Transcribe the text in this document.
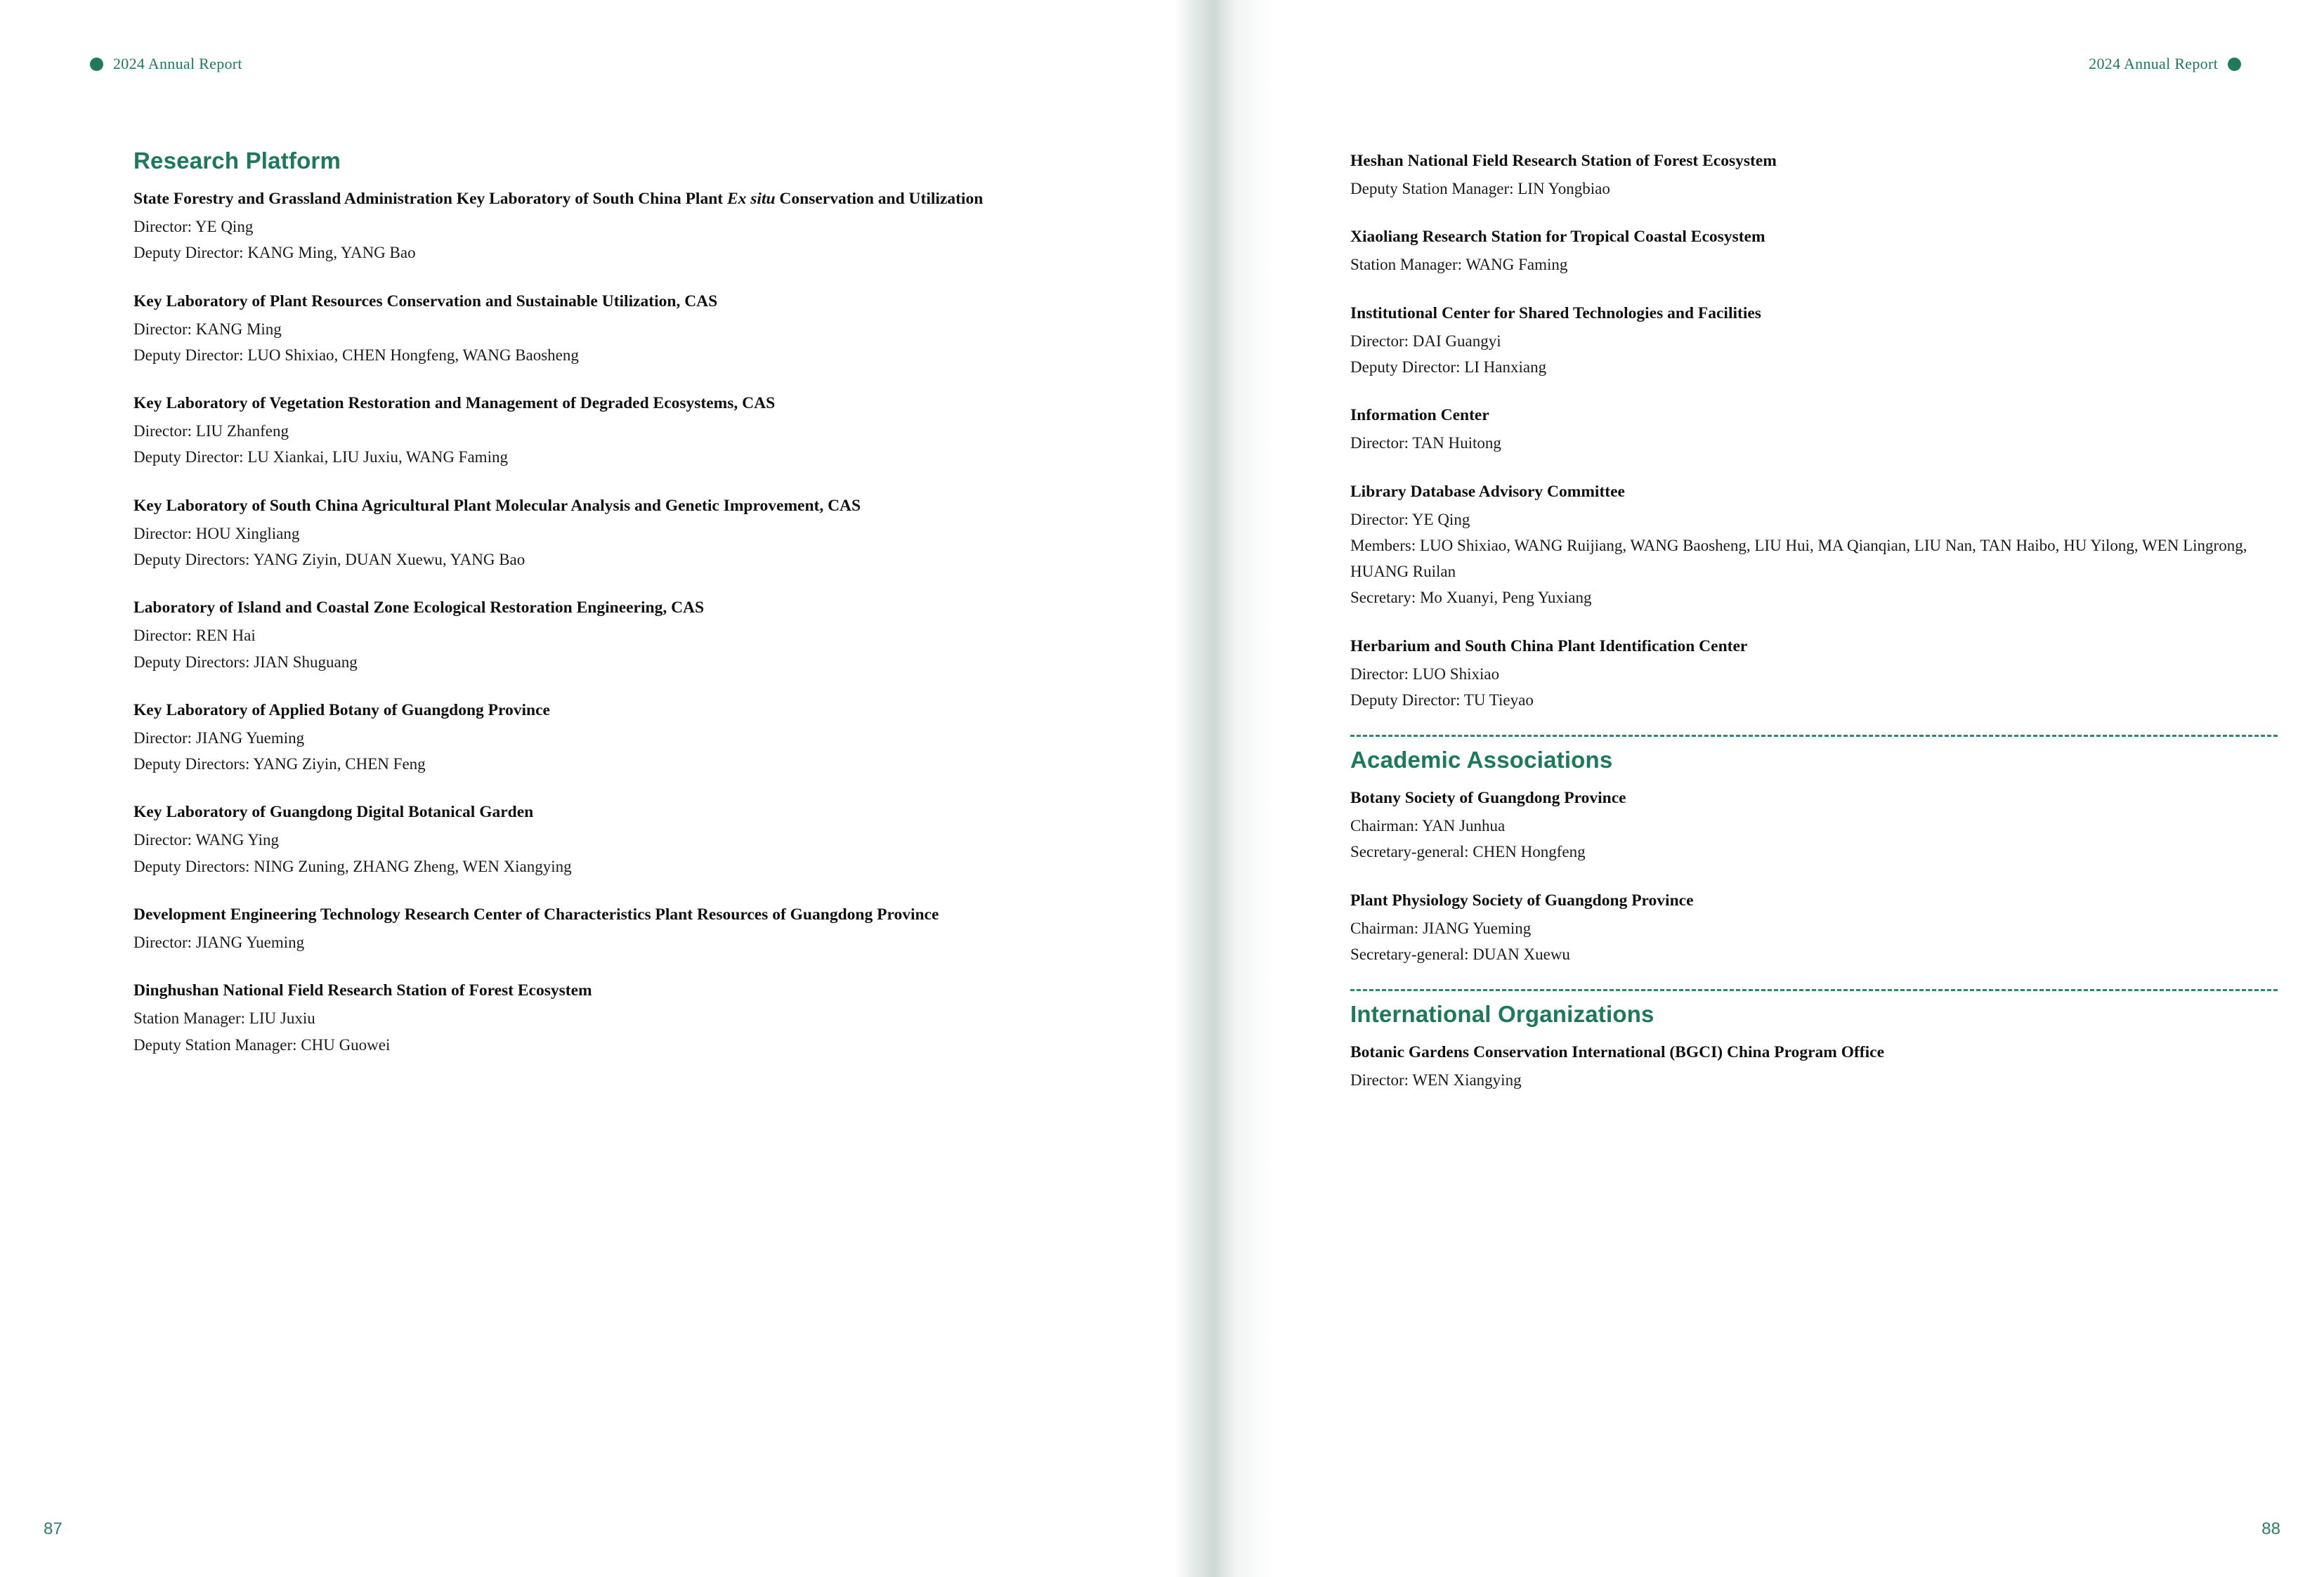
2024 Annual Report
Research Platform

State Forestry and Grassland Administration Key Laboratory of South China Plant Ex situ Conservation and Utilization

Director: YE Qing

Deputy Director: KANG Ming, YANG Bao

Key Laboratory of Plant Resources Conservation and Sustainable Utilization, CAS

Director: KANG Ming

Deputy Director: LUO Shixiao, CHEN Hongfeng, WANG Baosheng

Key Laboratory of Vegetation Restoration and Management of Degraded Ecosystems, CAS

Director: LIU Zhanfeng

Deputy Director: LU Xiankai, LIU Juxiu, WANG Faming

Key Laboratory of South China Agricultural Plant Molecular Analysis and Genetic Improvement, CAS

Director: HOU Xingliang

Deputy Directors: YANG Ziyin, DUAN Xuewu, YANG Bao

Laboratory of Island and Coastal Zone Ecological Restoration Engineering, CAS

Director: REN Hai

Deputy Directors: JIAN Shuguang

Key Laboratory of Applied Botany of Guangdong Province

Director: JIANG Yueming

Deputy Directors: YANG Ziyin, CHEN Feng

Key Laboratory of Guangdong Digital Botanical Garden

Director: WANG Ying

Deputy Directors: NING Zuning, ZHANG Zheng, WEN Xiangying

Development Engineering Technology Research Center of Characteristics Plant Resources of Guangdong Province

Director: JIANG Yueming

Dinghushan National Field Research Station of Forest Ecosystem

Station Manager: LIU Juxiu

Deputy Station Manager: CHU Guowei

87
2024 Annual Report

Heshan National Field Research Station of Forest Ecosystem

Deputy Station Manager: LIN Yongbiao

Xiaoliang Research Station for Tropical Coastal Ecosystem

Station Manager: WANG Faming

Institutional Center for Shared Technologies and Facilities

Director: DAI Guangyi

Deputy Director: LI Hanxiang

Information Center

Director: TAN Huitong

Library Database Advisory Committee

Director: YE Qing

Members: LUO Shixiao, WANG Ruijiang, WANG Baosheng, LIU Hui, MA Qianqian, LIU Nan, TAN Haibo, HU Yilong, WEN Lingrong, HUANG Ruilan

Secretary: Mo Xuanyi, Peng Yuxiang

Herbarium and South China Plant Identification Center

Director: LUO Shixiao

Deputy Director: TU Tieyao

Academic Associations

Botany Society of Guangdong Province

Chairman: YAN Junhua

Secretary-general: CHEN Hongfeng

Plant Physiology Society of Guangdong Province

Chairman: JIANG Yueming

Secretary-general: DUAN Xuewu

International Organizations

Botanic Gardens Conservation International (BGCI) China Program Office

Director: WEN Xiangying

88
